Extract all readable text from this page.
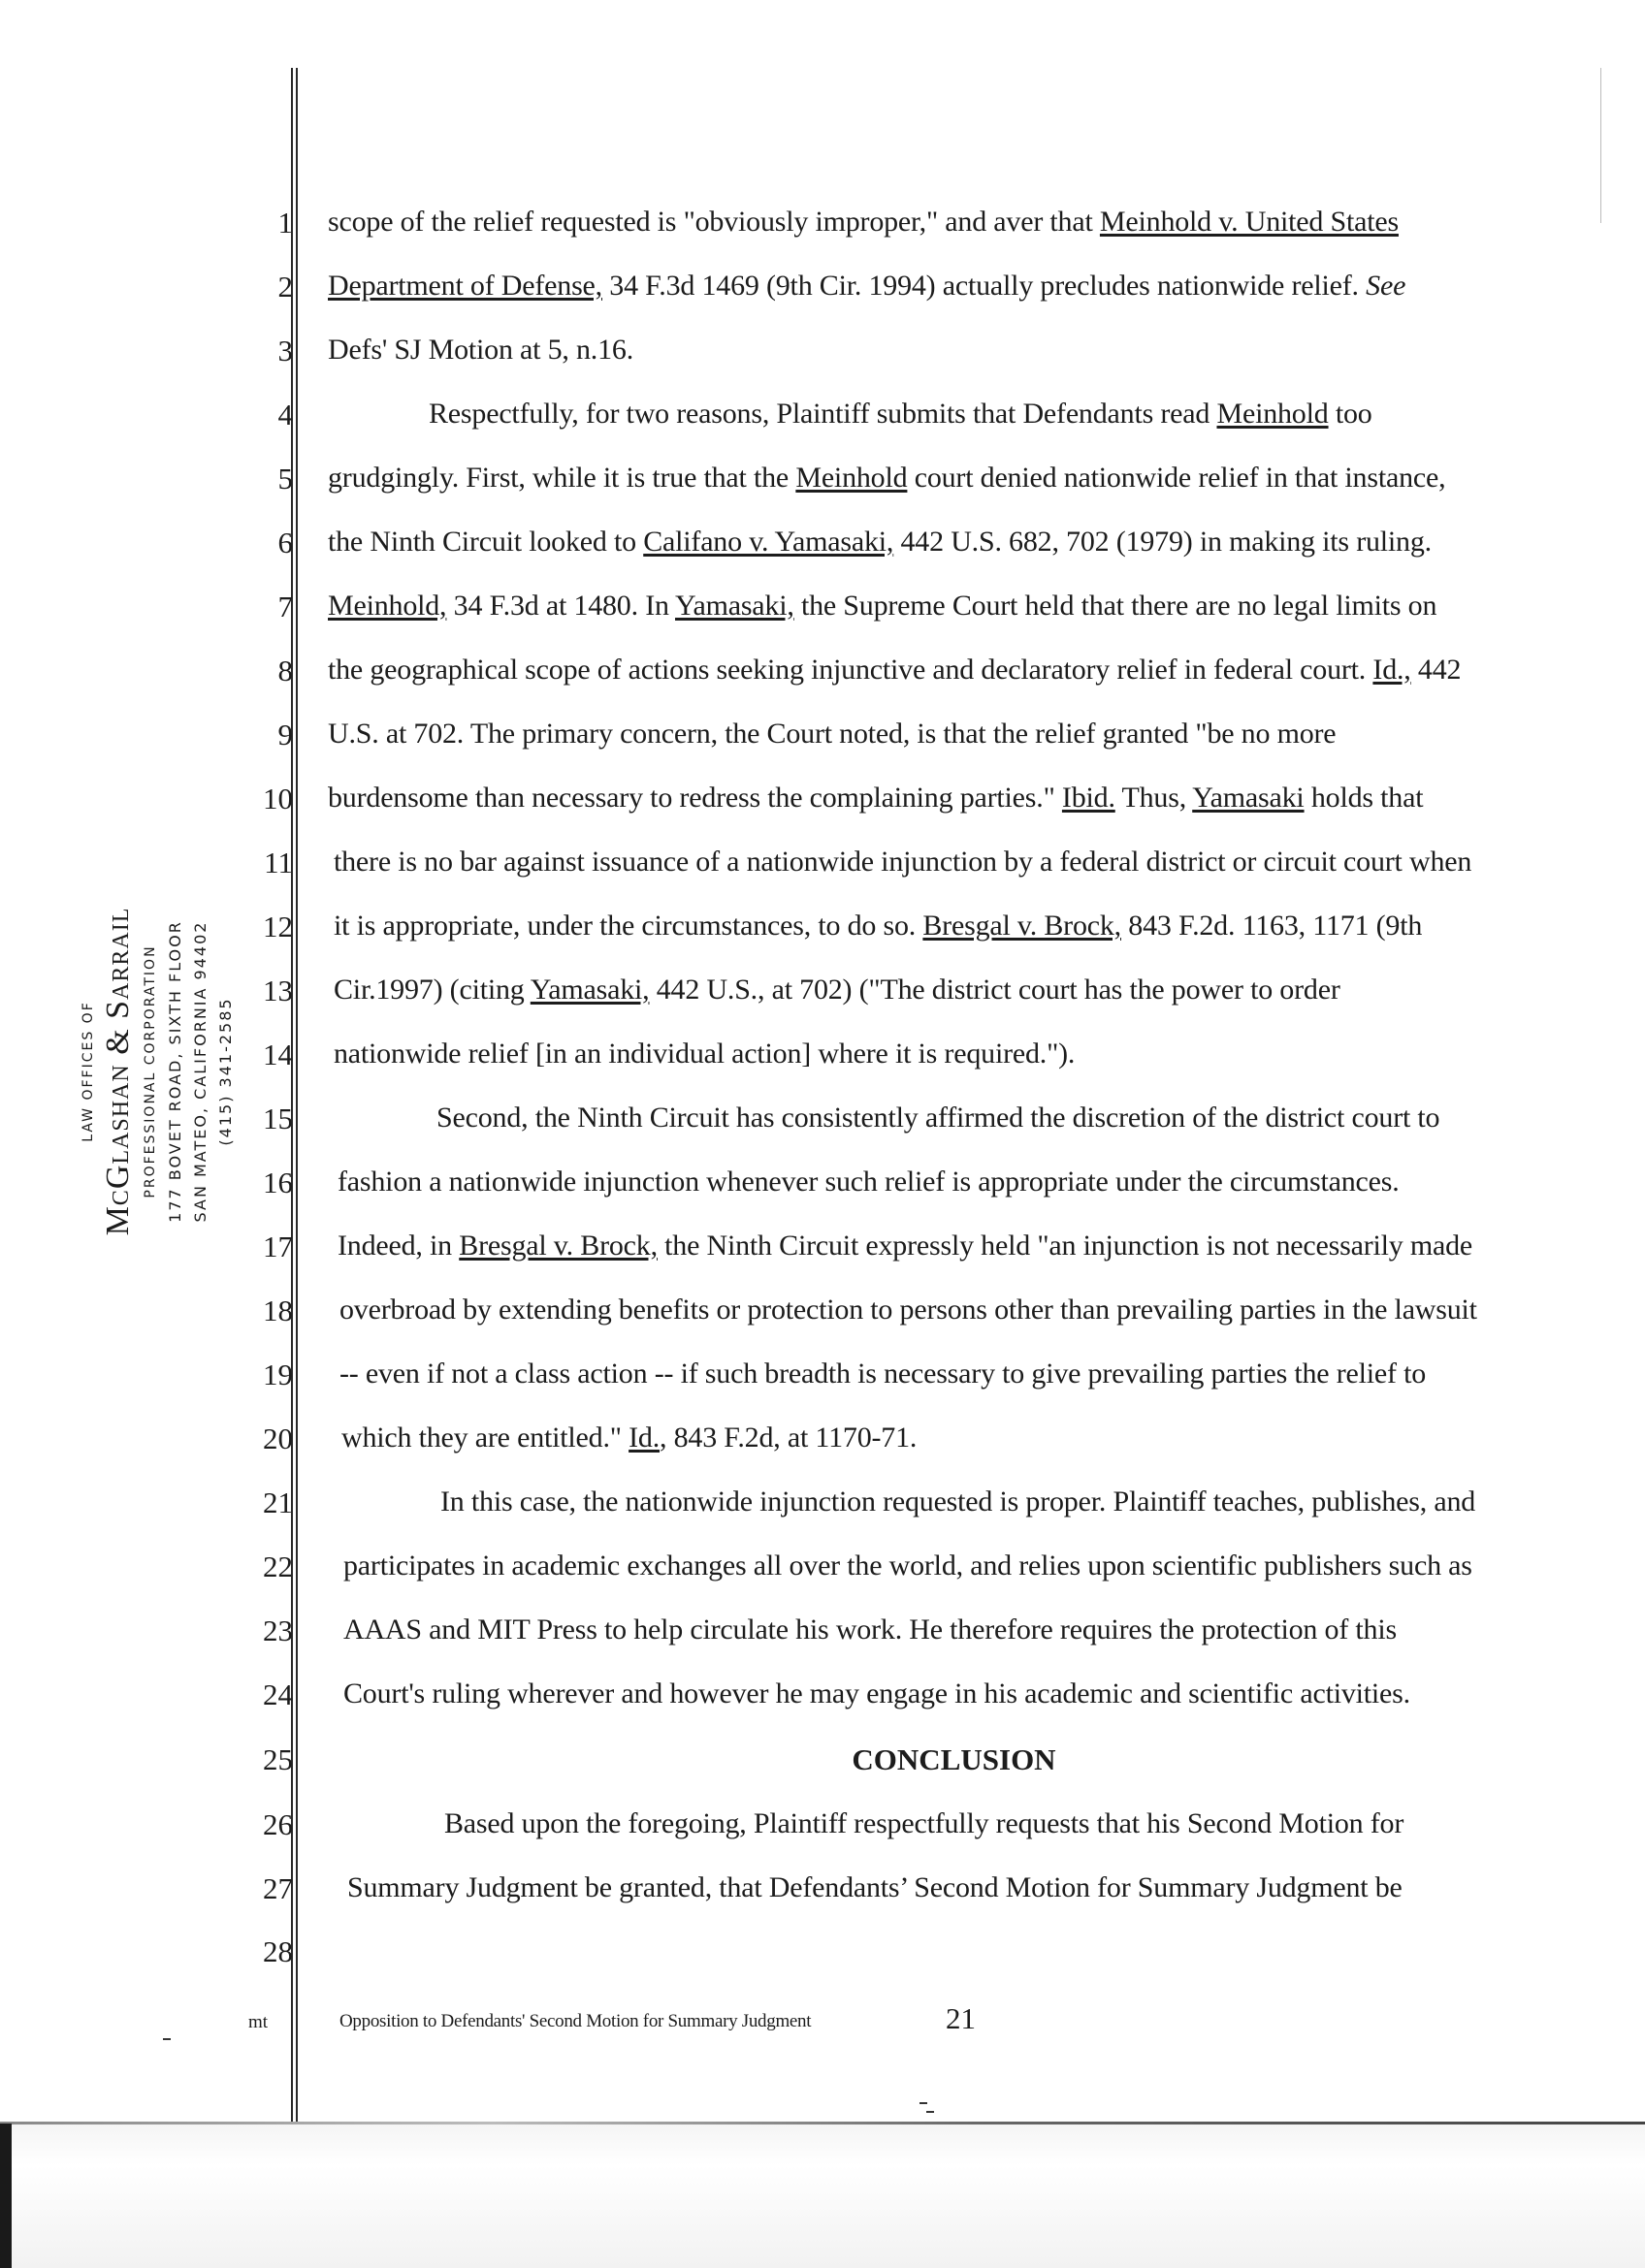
LAW OFFICES OF McGlashan & Sarrail PROFESSIONAL CORPORATION 177 BOVET ROAD, SIXTH FLOOR SAN MATEO, CALIFORNIA 94402 (415) 341-2585
1
2
3
4
5
6
7
8
9
10
11
12
13
14
15
16
17
18
19
20
21
22
23
24
25
26
27
28
scope of the relief requested is "obviously improper," and aver that Meinhold v. United States
Department of Defense, 34 F.3d 1469 (9th Cir. 1994) actually precludes nationwide relief. See
Defs' SJ Motion at 5, n.16.
Respectfully, for two reasons, Plaintiff submits that Defendants read Meinhold too
grudgingly. First, while it is true that the Meinhold court denied nationwide relief in that instance,
the Ninth Circuit looked to Califano v. Yamasaki, 442 U.S. 682, 702 (1979) in making its ruling.
Meinhold, 34 F.3d at 1480. In Yamasaki, the Supreme Court held that there are no legal limits on
the geographical scope of actions seeking injunctive and declaratory relief in federal court. Id., 442
U.S. at 702. The primary concern, the Court noted, is that the relief granted "be no more
burdensome than necessary to redress the complaining parties." Ibid. Thus, Yamasaki holds that
there is no bar against issuance of a nationwide injunction by a federal district or circuit court when
it is appropriate, under the circumstances, to do so. Bresgal v. Brock, 843 F.2d. 1163, 1171 (9th
Cir.1997) (citing Yamasaki, 442 U.S., at 702) ("The district court has the power to order
nationwide relief [in an individual action] where it is required.").
Second, the Ninth Circuit has consistently affirmed the discretion of the district court to
fashion a nationwide injunction whenever such relief is appropriate under the circumstances.
Indeed, in Bresgal v. Brock, the Ninth Circuit expressly held "an injunction is not necessarily made
overbroad by extending benefits or protection to persons other than prevailing parties in the lawsuit
-- even if not a class action -- if such breadth is necessary to give prevailing parties the relief to
which they are entitled." Id., 843 F.2d, at 1170-71.
In this case, the nationwide injunction requested is proper. Plaintiff teaches, publishes, and
participates in academic exchanges all over the world, and relies upon scientific publishers such as
AAAS and MIT Press to help circulate his work. He therefore requires the protection of this
Court's ruling wherever and however he may engage in his academic and scientific activities.
CONCLUSION
Based upon the foregoing, Plaintiff respectfully requests that his Second Motion for
Summary Judgment be granted, that Defendants’ Second Motion for Summary Judgment be
mt	Opposition to Defendants' Second Motion for Summary Judgment	21
